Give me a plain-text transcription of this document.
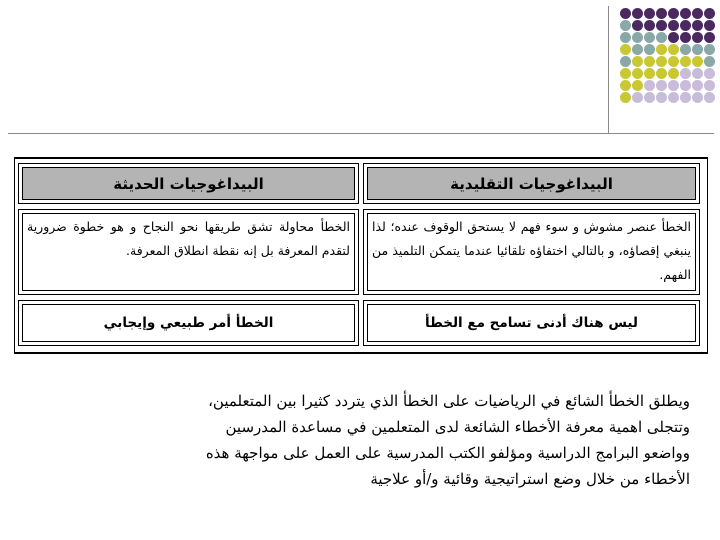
البيداغوجيات التقليدية
الخطأ عنصر مشوش و سوء فهم لا يستحق الوقوف عنده؛ لذا ينبغي إقصاؤه، و بالتالي اختفاؤه تلقائيا عندما يتمكن التلميذ من الفهم.
ليس هناك أدنى تسامح مع الخطأ
البيداغوجيات الحديثة
الخطأ محاولة تشق طريقها نحو النجاح و هو خطوة ضرورية لتقدم المعرفة بل إنه نقطة انطلاق المعرفة.
الخطأ أمر طبيعي وإيجابي
ويطلق الخطأ الشائع في الرياضيات على الخطأ الذي يتردد كثيرا بين المتعلمين،
وتتجلى اهمية معرفة الأخطاء الشائعة لدى المتعلمين في مساعدة المدرسين
وواضعو البرامج الدراسية ومؤلفو الكتب المدرسية على العمل على مواجهة هذه
الأخطاء من خلال وضع استراتيجية وقائية و/أو علاجية
